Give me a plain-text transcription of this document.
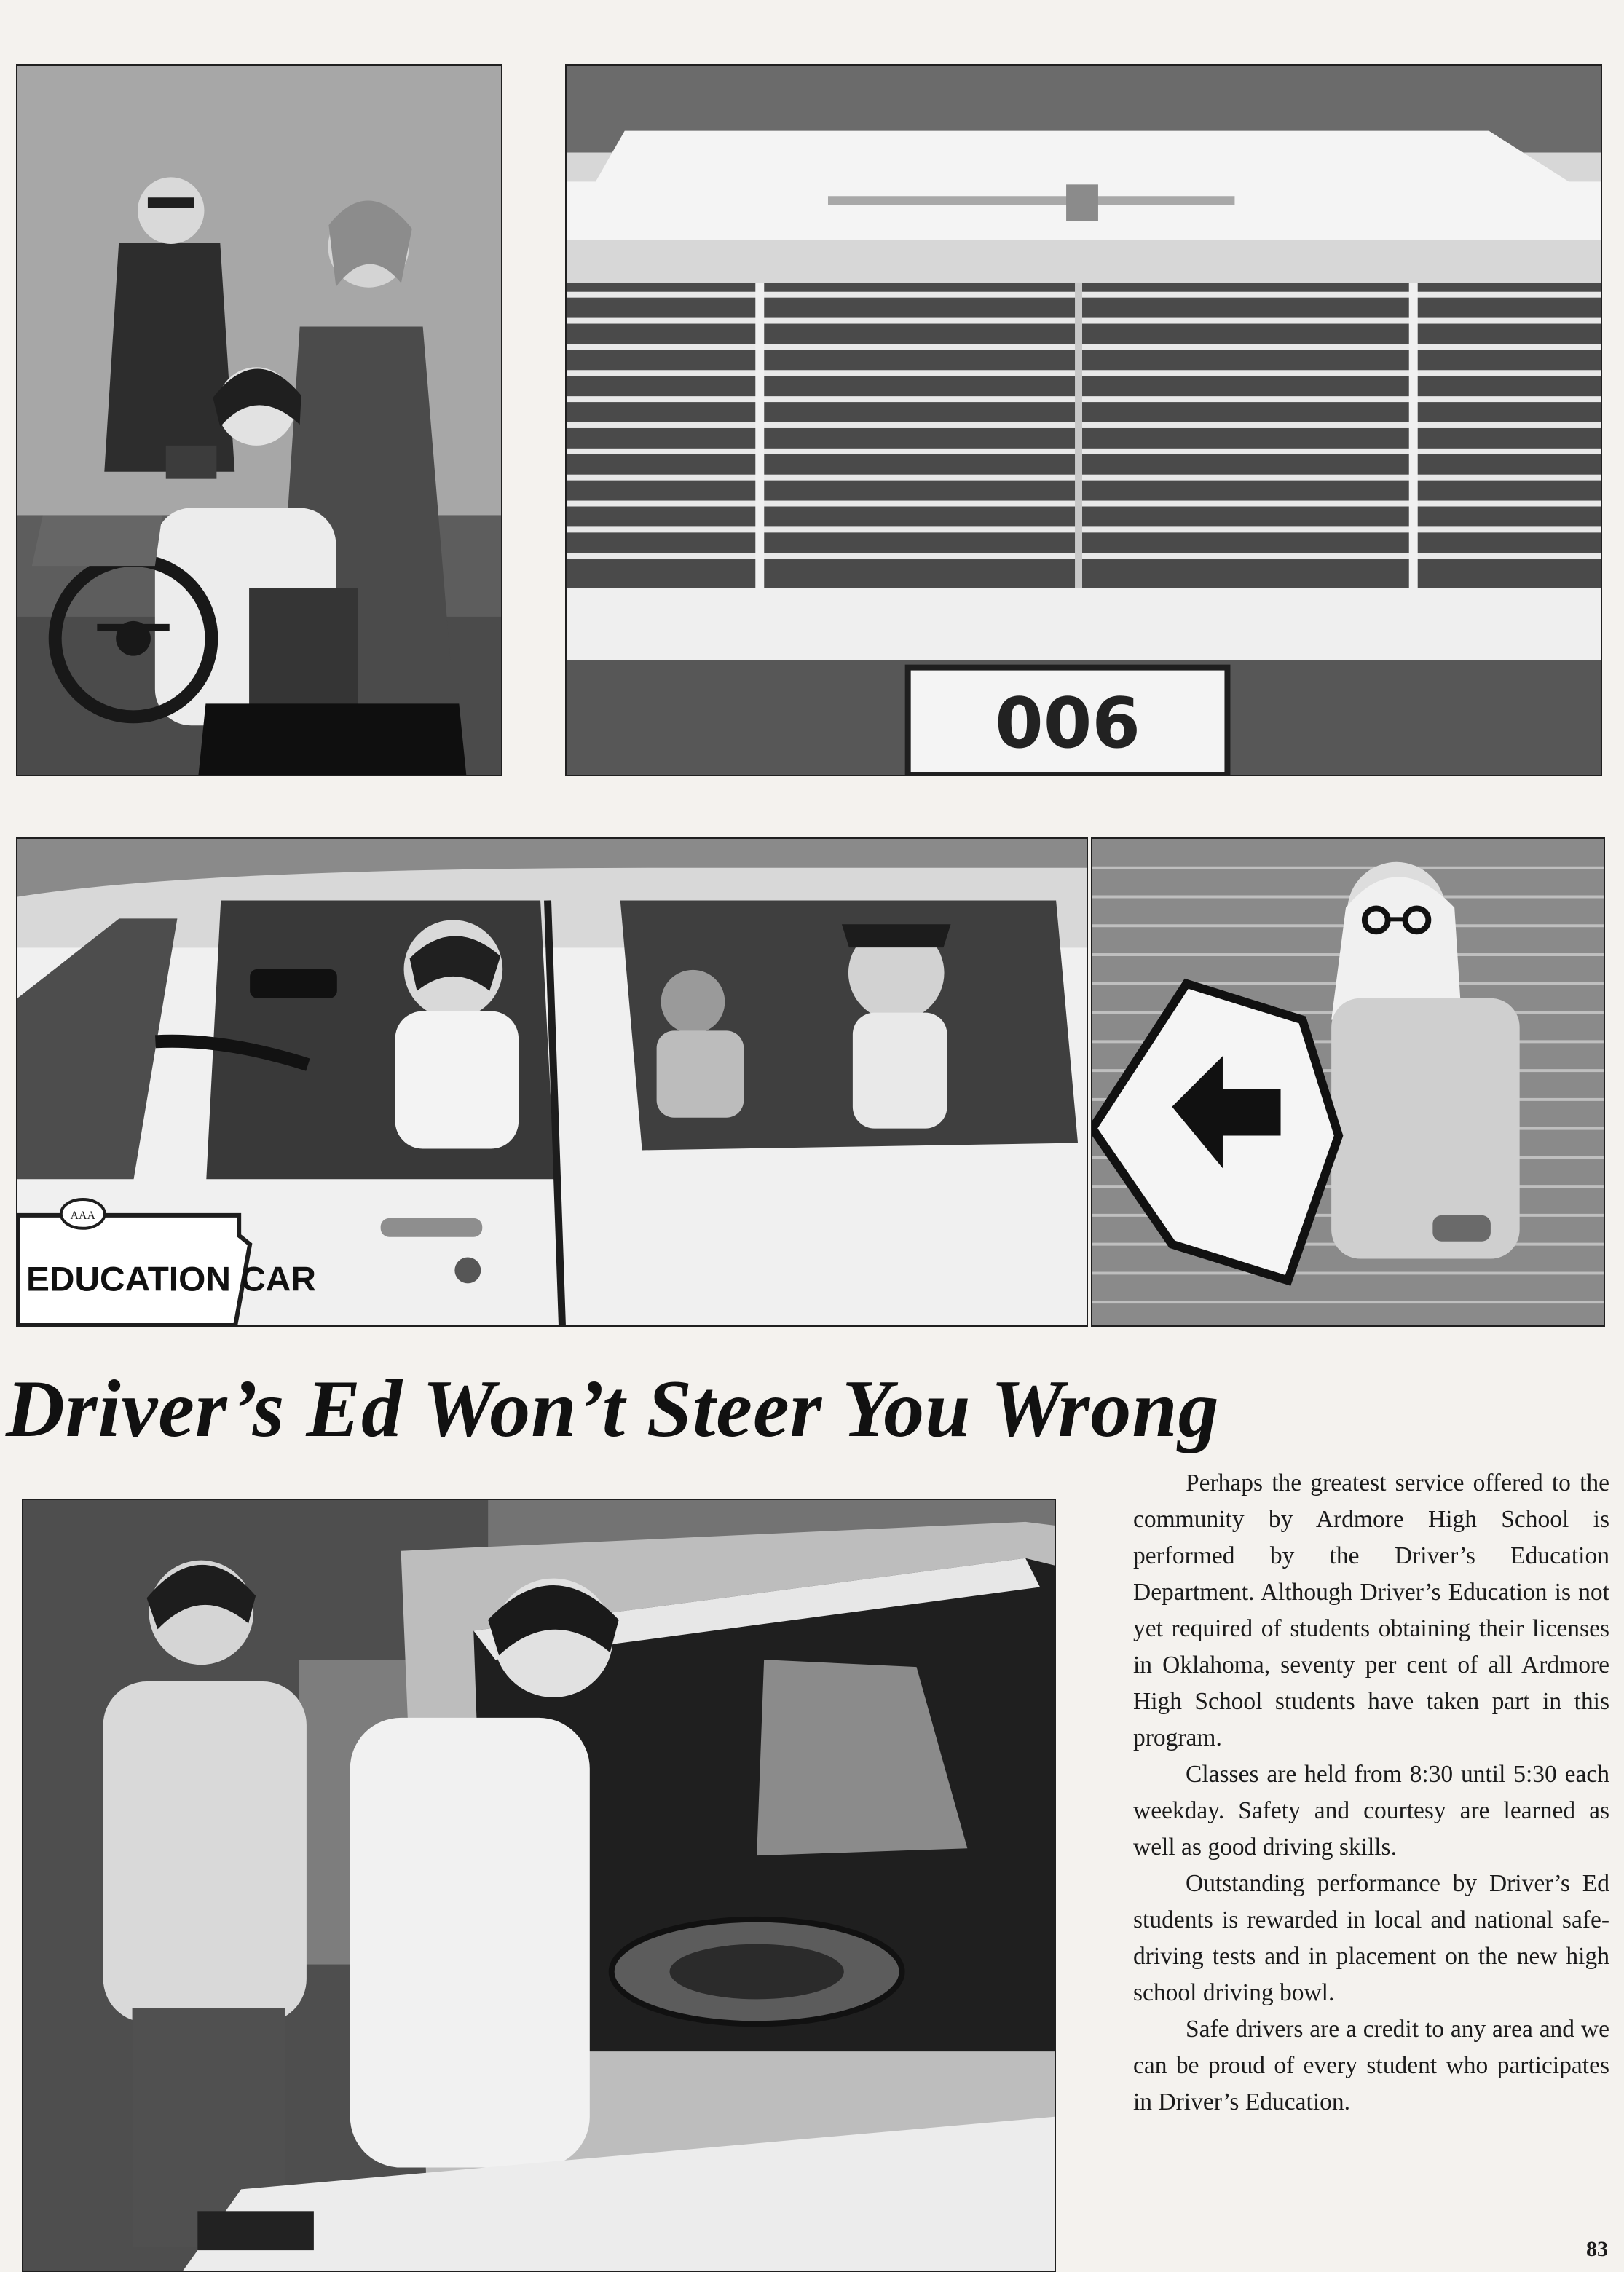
006
AAA
EDUCATION CAR
Driver’s Ed Won’t Steer You Wrong

Perhaps the greatest service offered to the community by Ardmore High School is performed by the Driver’s Education Department. Although Driver’s Education is not yet required of students obtaining their licenses in Oklahoma, seventy per cent of all Ardmore High School students have taken part in this program.

Classes are held from 8:30 until 5:30 each weekday. Safety and courtesy are learned as well as good driving skills.

Outstanding performance by Driver’s Ed students is rewarded in local and national safe-driving tests and in placement on the new high school driving bowl.

Safe drivers are a credit to any area and we can be proud of every student who participates in Driver’s Education.

83
